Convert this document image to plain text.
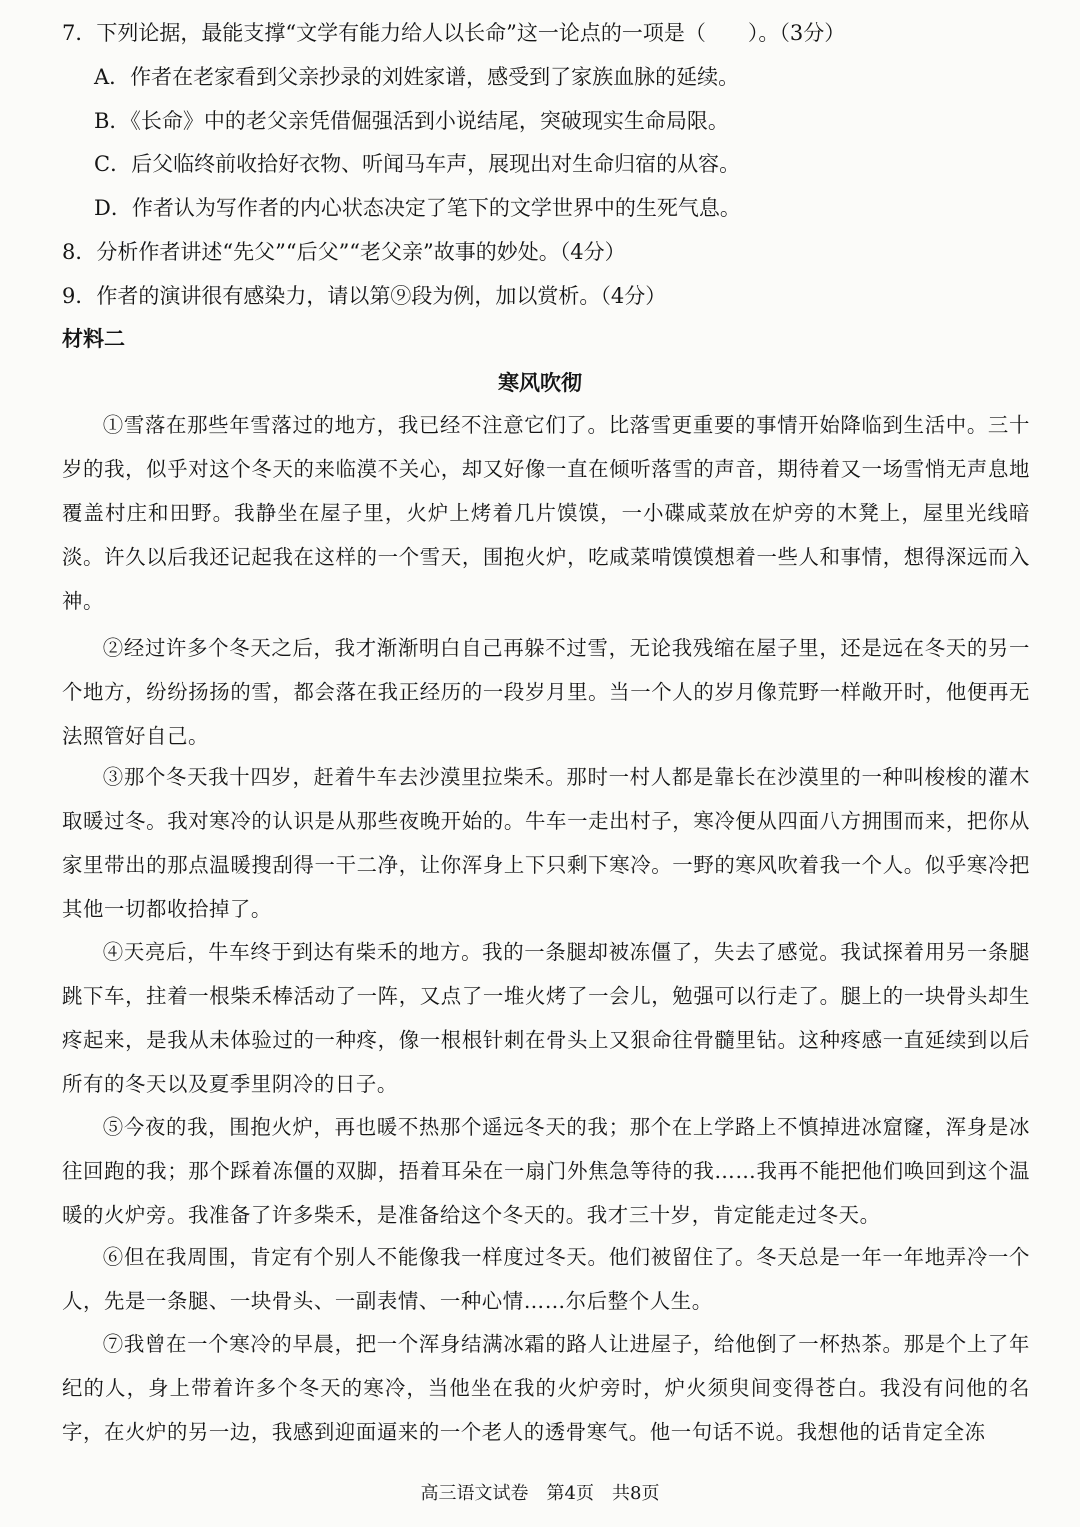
7．下列论据，最能支撑“文学有能力给人以长命”这一论点的一项是（　　）。（3分）
A．作者在老家看到父亲抄录的刘姓家谱，感受到了家族血脉的延续。
B．《长命》中的老父亲凭借倔强活到小说结尾，突破现实生命局限。
C．后父临终前收拾好衣物、听闻马车声，展现出对生命归宿的从容。
D．作者认为写作者的内心状态决定了笔下的文学世界中的生死气息。
8．分析作者讲述“先父”“后父”“老父亲”故事的妙处。（4分）
9．作者的演讲很有感染力，请以第⑨段为例，加以赏析。（4分）
材料二
寒风吹彻
①雪落在那些年雪落过的地方，我已经不注意它们了。比落雪更重要的事情开始降临到生活中。三十岁的我，似乎对这个冬天的来临漠不关心，却又好像一直在倾听落雪的声音，期待着又一场雪悄无声息地覆盖村庄和田野。我静坐在屋子里，火炉上烤着几片馍馍，一小碟咸菜放在炉旁的木凳上，屋里光线暗淡。许久以后我还记起我在这样的一个雪天，围抱火炉，吃咸菜啃馍馍想着一些人和事情，想得深远而入神。
②经过许多个冬天之后，我才渐渐明白自己再躲不过雪，无论我残缩在屋子里，还是远在冬天的另一个地方，纷纷扬扬的雪，都会落在我正经历的一段岁月里。当一个人的岁月像荒野一样敞开时，他便再无法照管好自己。
③那个冬天我十四岁，赶着牛车去沙漠里拉柴禾。那时一村人都是靠长在沙漠里的一种叫梭梭的灌木取暖过冬。我对寒冷的认识是从那些夜晚开始的。牛车一走出村子，寒冷便从四面八方拥围而来，把你从家里带出的那点温暖搜刮得一干二净，让你浑身上下只剩下寒冷。一野的寒风吹着我一个人。似乎寒冷把其他一切都收拾掉了。
④天亮后，牛车终于到达有柴禾的地方。我的一条腿却被冻僵了，失去了感觉。我试探着用另一条腿跳下车，拄着一根柴禾棒活动了一阵，又点了一堆火烤了一会儿，勉强可以行走了。腿上的一块骨头却生疼起来，是我从未体验过的一种疼，像一根根针刺在骨头上又狠命往骨髓里钻。这种疼感一直延续到以后所有的冬天以及夏季里阴冷的日子。
⑤今夜的我，围抱火炉，再也暖不热那个遥远冬天的我；那个在上学路上不慎掉进冰窟窿，浑身是冰往回跑的我；那个踩着冻僵的双脚，捂着耳朵在一扇门外焦急等待的我……我再不能把他们唤回到这个温暖的火炉旁。我准备了许多柴禾，是准备给这个冬天的。我才三十岁，肯定能走过冬天。
⑥但在我周围，肯定有个别人不能像我一样度过冬天。他们被留住了。冬天总是一年一年地弄冷一个人，先是一条腿、一块骨头、一副表情、一种心情……尔后整个人生。
⑦我曾在一个寒冷的早晨，把一个浑身结满冰霜的路人让进屋子，给他倒了一杯热茶。那是个上了年纪的人，身上带着许多个冬天的寒冷，当他坐在我的火炉旁时，炉火须臾间变得苍白。我没有问他的名字，在火炉的另一边，我感到迎面逼来的一个老人的透骨寒气。他一句话不说。我想他的话肯定全冻
高三语文试卷　第4页　共8页
